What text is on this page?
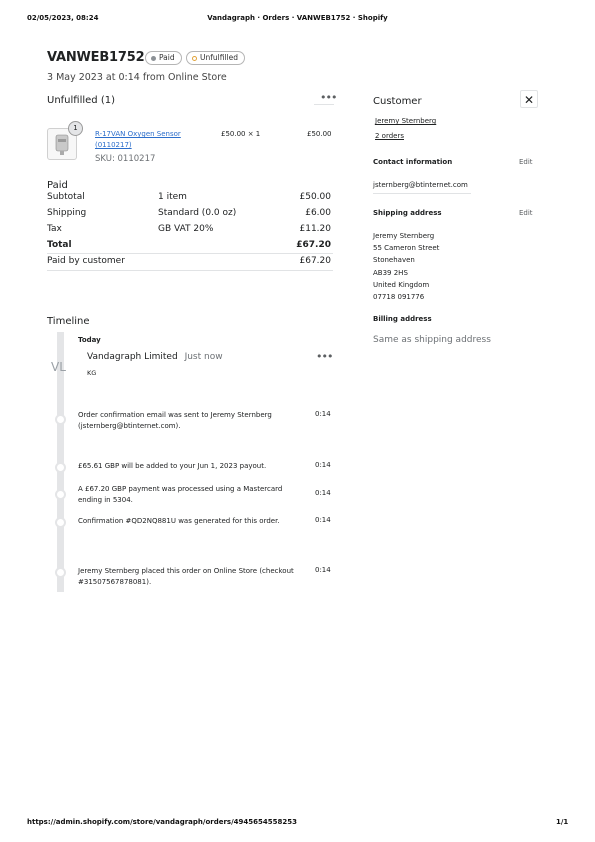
02/05/2023, 08:24	Vandagraph · Orders · VANWEB1752 · Shopify
VANWEB1752 Paid	Unfulfilled
3 May 2023 at 0:14 from Online Store
Unfulfilled (1)	•••
1
R-17VAN Oxygen Sensor
(0110217)
SKU: 0110217
£50.00 × 1	£50.00
Paid
Subtotal	1 item	£50.00
Shipping	Standard (0.0 oz)	£6.00
Tax	GB VAT 20%	£11.20
Total	£67.20
Paid by customer	£67.20
Timeline
Today
VL
Vandagraph Limited Just now
KG
•••
Order confirmation email was sent to Jeremy Sternberg (jsternberg@btinternet.com).
0:14
£65.61 GBP will be added to your Jun 1, 2023 payout.	0:14
A £67.20 GBP payment was processed using a Mastercard ending in 5304.
0:14
Confirmation #QD2NQ881U was generated for this order.	0:14
Jeremy Sternberg placed this order on Online Store (checkout #31507567878081).
0:14
Customer	✕
Jeremy Sternberg
2 orders
Contact information	Edit
jsternberg@btinternet.com
Shipping address	Edit
Jeremy Sternberg
55 Cameron Street
Stonehaven
AB39 2HS
United Kingdom
07718 091776
Billing address
Same as shipping address
https://admin.shopify.com/store/vandagraph/orders/4945654558253	1/1
